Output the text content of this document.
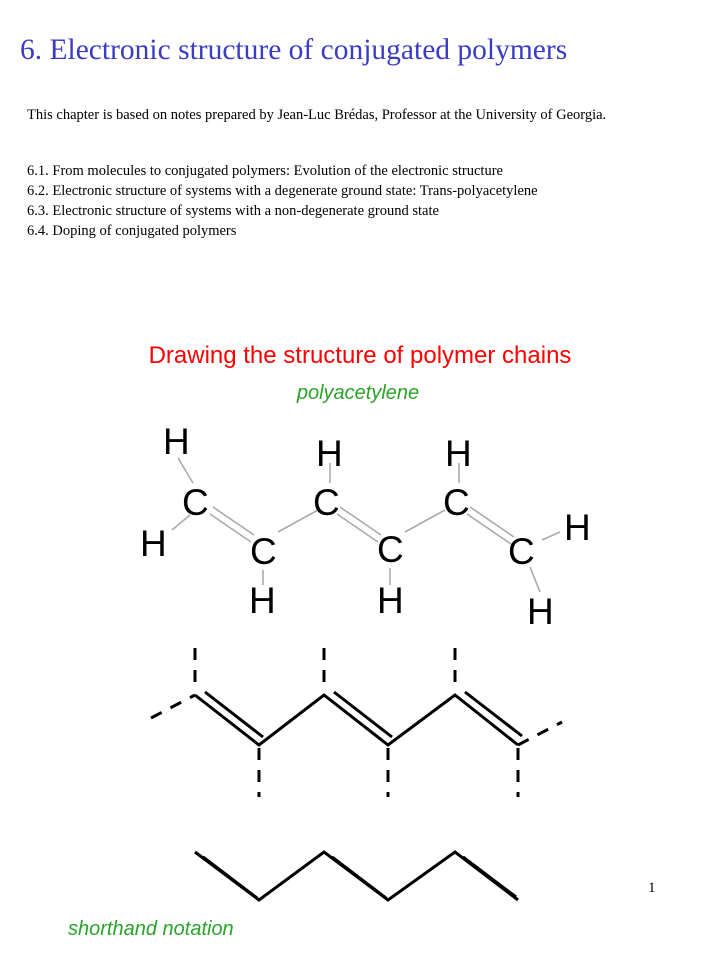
6. Electronic structure of conjugated polymers
This chapter is based on notes prepared by Jean-Luc Brédas, Professor at the University of Georgia.
6.1. From molecules to conjugated polymers: Evolution of the electronic structure
6.2. Electronic structure of systems with a degenerate ground state: Trans-polyacetylene
6.3. Electronic structure of systems with a non-degenerate ground state
6.4. Doping of conjugated polymers
Drawing the structure of polymer chains
polyacetylene
H	H	H
C	C	C
H C	C	C
H
H	H	H
1
shorthand notation
